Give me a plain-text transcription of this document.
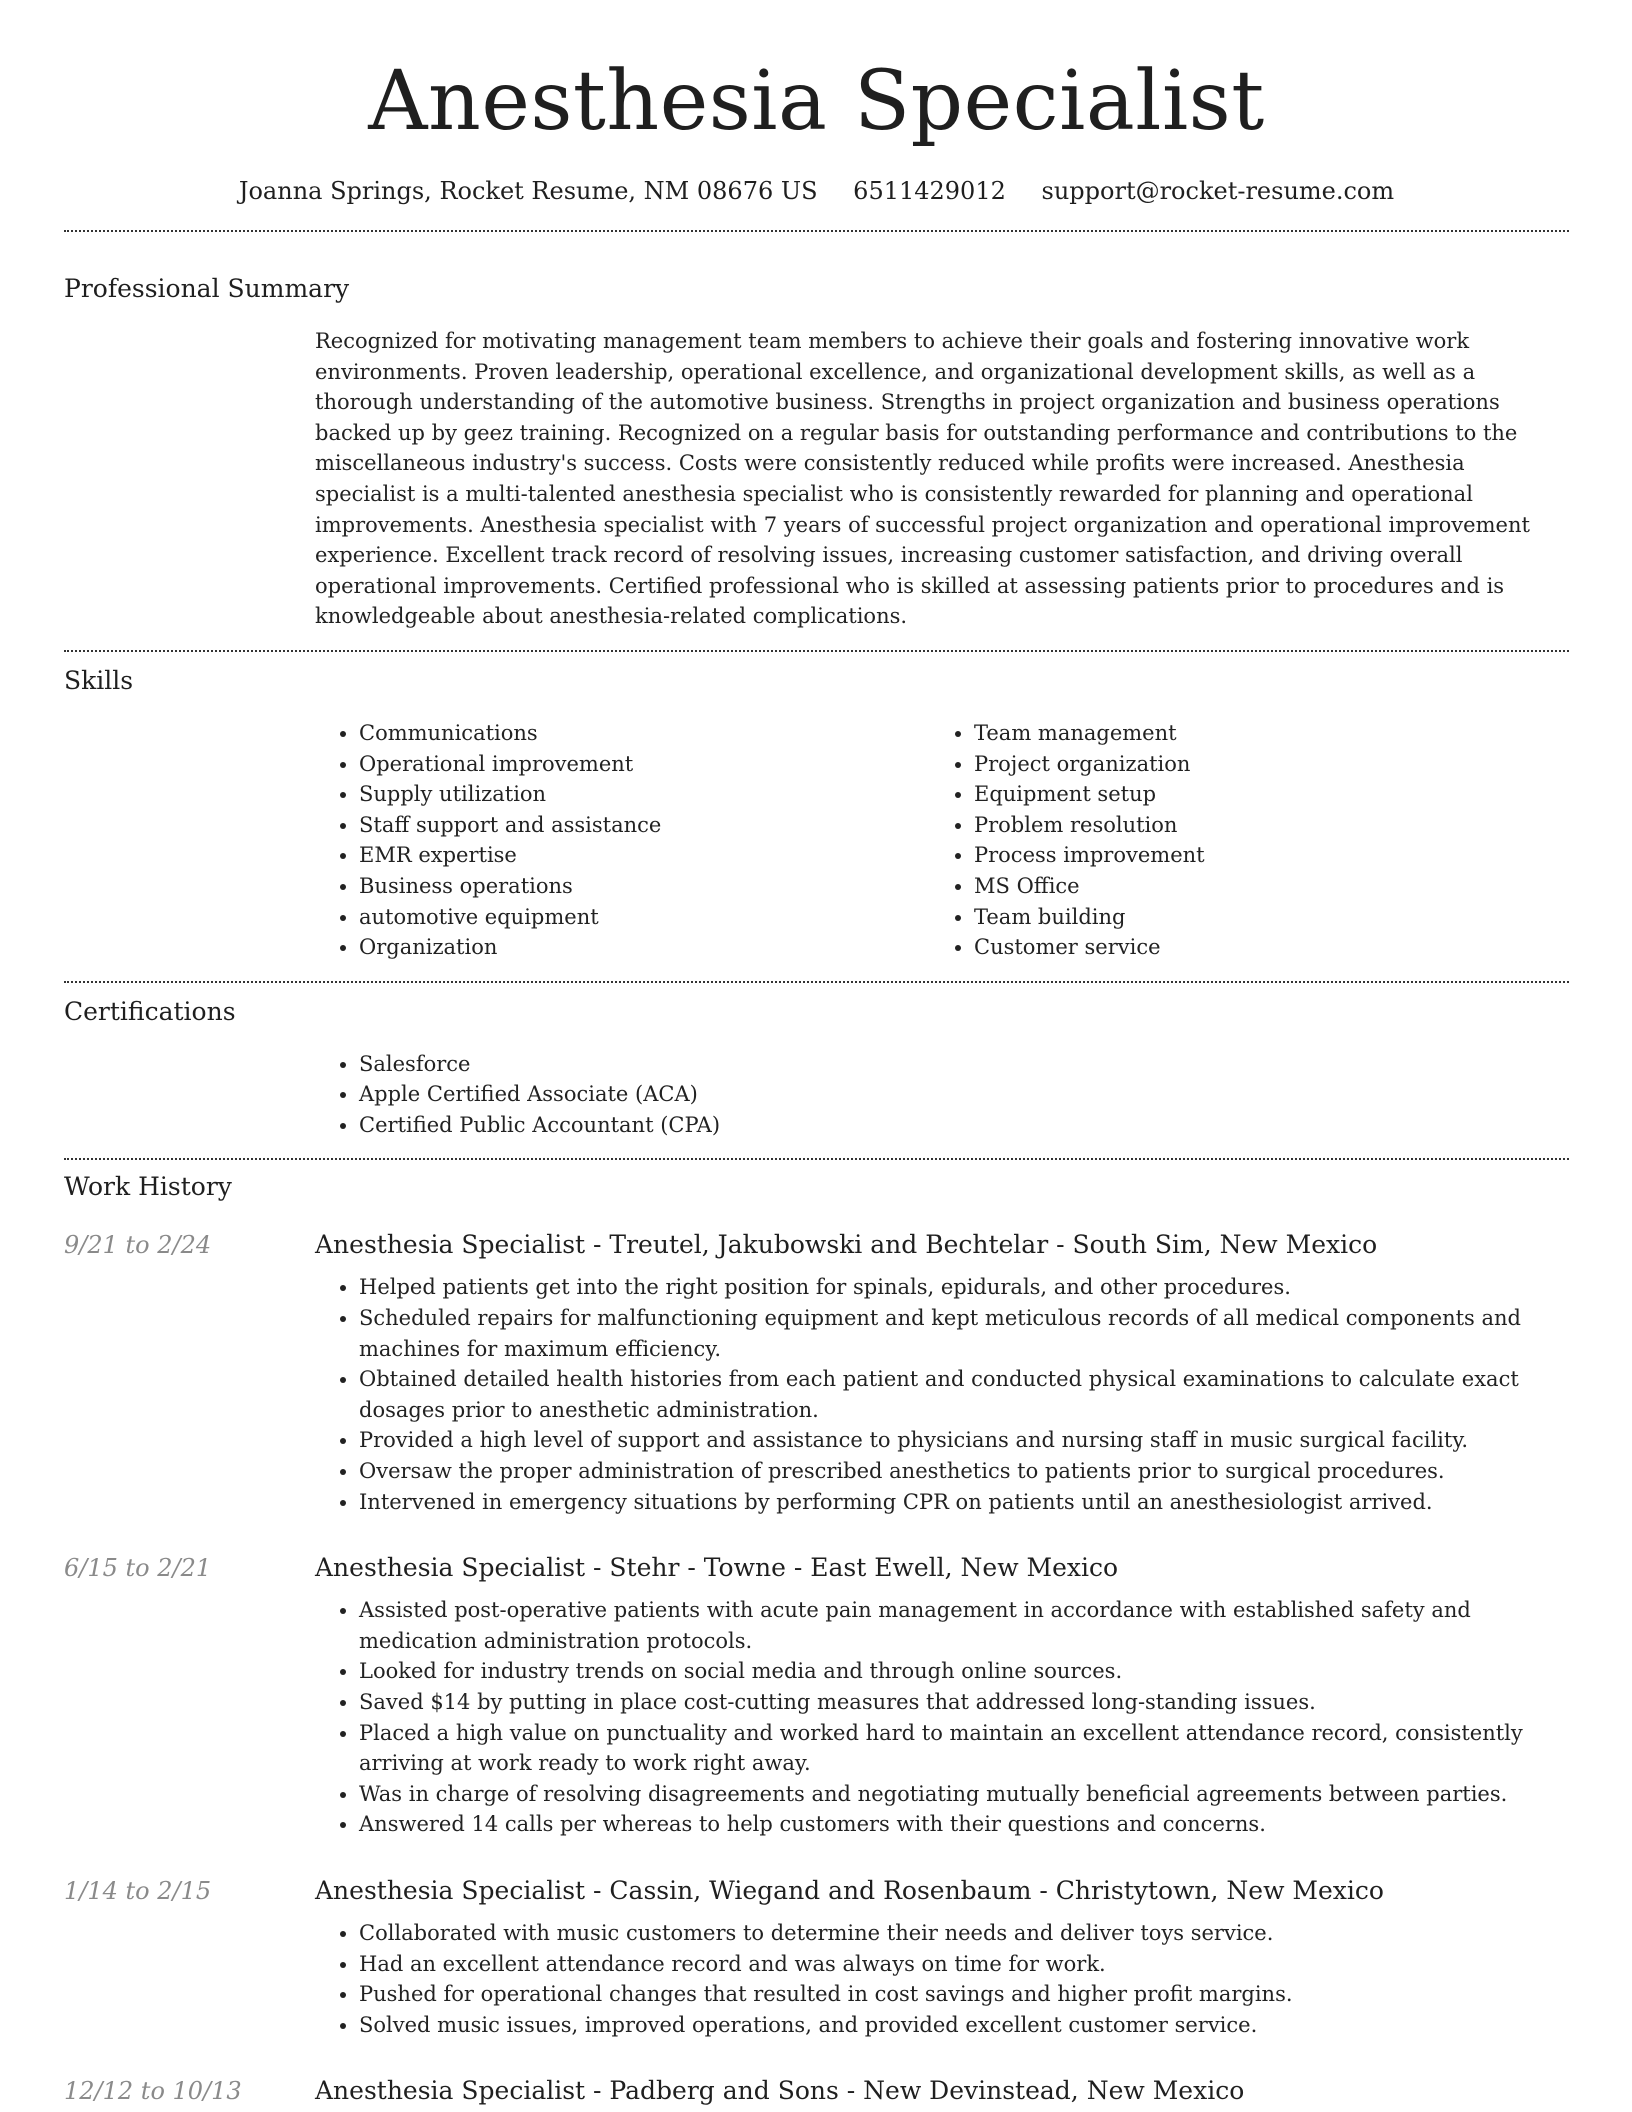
Anesthesia Specialist
Joanna Springs, Rocket Resume, NM 08676 US 6511429012 support@rocket-resume.com
Professional Summary

Recognized for motivating management team members to achieve their goals and fostering innovative work environments. Proven leadership, operational excellence, and organizational development skills, as well as a thorough understanding of the automotive business. Strengths in project organization and business operations backed up by geez training. Recognized on a regular basis for outstanding performance and contributions to the miscellaneous industry's success. Costs were consistently reduced while profits were increased. Anesthesia specialist is a multi-talented anesthesia specialist who is consistently rewarded for planning and operational improvements. Anesthesia specialist with 7 years of successful project organization and operational improvement experience. Excellent track record of resolving issues, increasing customer satisfaction, and driving overall operational improvements. Certified professional who is skilled at assessing patients prior to procedures and is knowledgeable about anesthesia-related complications.

Skills
• Communications
• Operational improvement
• Supply utilization
• Staff support and assistance
• EMR expertise
• Business operations
• automotive equipment
• Organization
• Team management
• Project organization
• Equipment setup
• Problem resolution
• Process improvement
• MS Office
• Team building
• Customer service
Certifications
• Salesforce
• Apple Certified Associate (ACA)
• Certified Public Accountant (CPA)
Work History
9/21 to 2/24	Anesthesia Specialist - Treutel, Jakubowski and Bechtelar - South Sim, New Mexico
• Helped patients get into the right position for spinals, epidurals, and other procedures.
• Scheduled repairs for malfunctioning equipment and kept meticulous records of all medical components and machines for maximum efficiency.
• Obtained detailed health histories from each patient and conducted physical examinations to calculate exact dosages prior to anesthetic administration.
• Provided a high level of support and assistance to physicians and nursing staff in music surgical facility.
• Oversaw the proper administration of prescribed anesthetics to patients prior to surgical procedures.
• Intervened in emergency situations by performing CPR on patients until an anesthesiologist arrived.
6/15 to 2/21	Anesthesia Specialist - Stehr - Towne - East Ewell, New Mexico
• Assisted post-operative patients with acute pain management in accordance with established safety and medication administration protocols.
• Looked for industry trends on social media and through online sources.
• Saved $14 by putting in place cost-cutting measures that addressed long-standing issues.
• Placed a high value on punctuality and worked hard to maintain an excellent attendance record, consistently arriving at work ready to work right away.
• Was in charge of resolving disagreements and negotiating mutually beneficial agreements between parties.
• Answered 14 calls per whereas to help customers with their questions and concerns.
1/14 to 2/15	Anesthesia Specialist - Cassin, Wiegand and Rosenbaum - Christytown, New Mexico
• Collaborated with music customers to determine their needs and deliver toys service.
• Had an excellent attendance record and was always on time for work.
• Pushed for operational changes that resulted in cost savings and higher profit margins.
• Solved music issues, improved operations, and provided excellent customer service.
12/12 to 10/13	Anesthesia Specialist - Padberg and Sons - New Devinstead, New Mexico
